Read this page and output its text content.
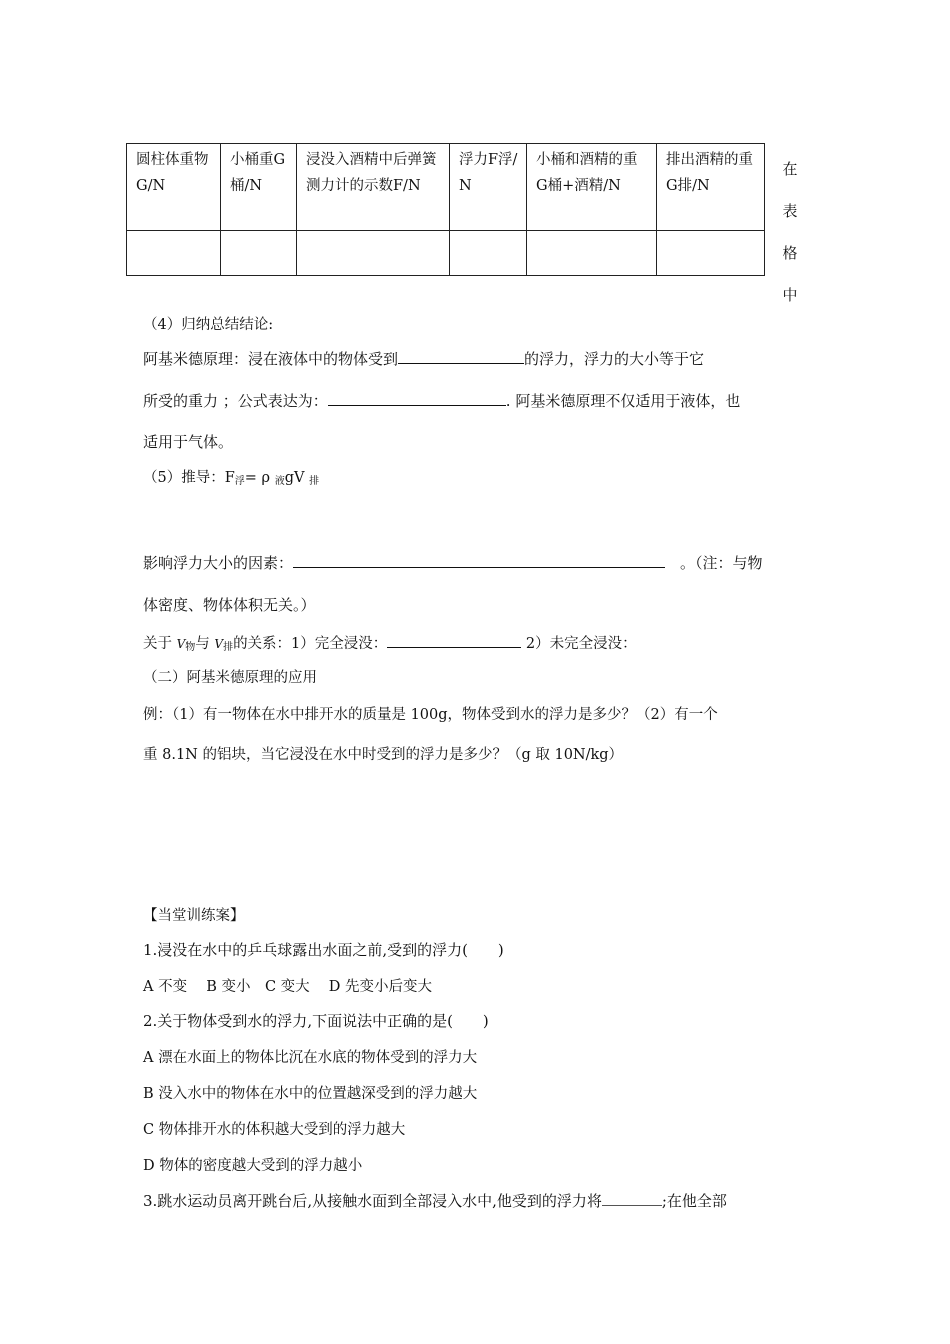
圆柱体重物G/N	小桶重G桶/N	浸没入酒精中后弹簧测力计的示数F/N	浮力F浮/N	小桶和酒精的重　G桶+酒精/N	排出酒精的重G排/N

在
表
格
中
（4）归纳总结结论:
阿基米德原理：浸在液体中的物体受到	的浮力，浮力的大小等于它
所受的重力 ；公式表达为：	. 阿基米德原理不仅适用于液体，也
适用于气体。
（5）推导：$F_浮= \rho$ $_液$gV $_排$
影响浮力大小的因素：	　。（注：与物
体密度、物体体积无关。）
关于 $V_物$与 $V_排$的关系：1）完全浸没：	2）未完全浸没：
（二）阿基米德原理的应用
例：（1）有一物体在水中排开水的质量是 100g，物体受到水的浮力是多少？（2）有一个
重 8.1N 的铝块，当它浸没在水中时受到的浮力是多少？（g 取 10N/kg）
【当堂训练案】
1.浸没在水中的乒乓球露出水面之前,受到的浮力(　　)
A 不变　 B 变小　C 变大　 D 先变小后变大
2.关于物体受到水的浮力,下面说法中正确的是(　　)
A 漂在水面上的物体比沉在水底的物体受到的浮力大
B 没入水中的物体在水中的位置越深受到的浮力越大
C 物体排开水的体积越大受到的浮力越大
D 物体的密度越大受到的浮力越小
3.跳水运动员离开跳台后,从接触水面到全部浸入水中,他受到的浮力将	;在他全部
